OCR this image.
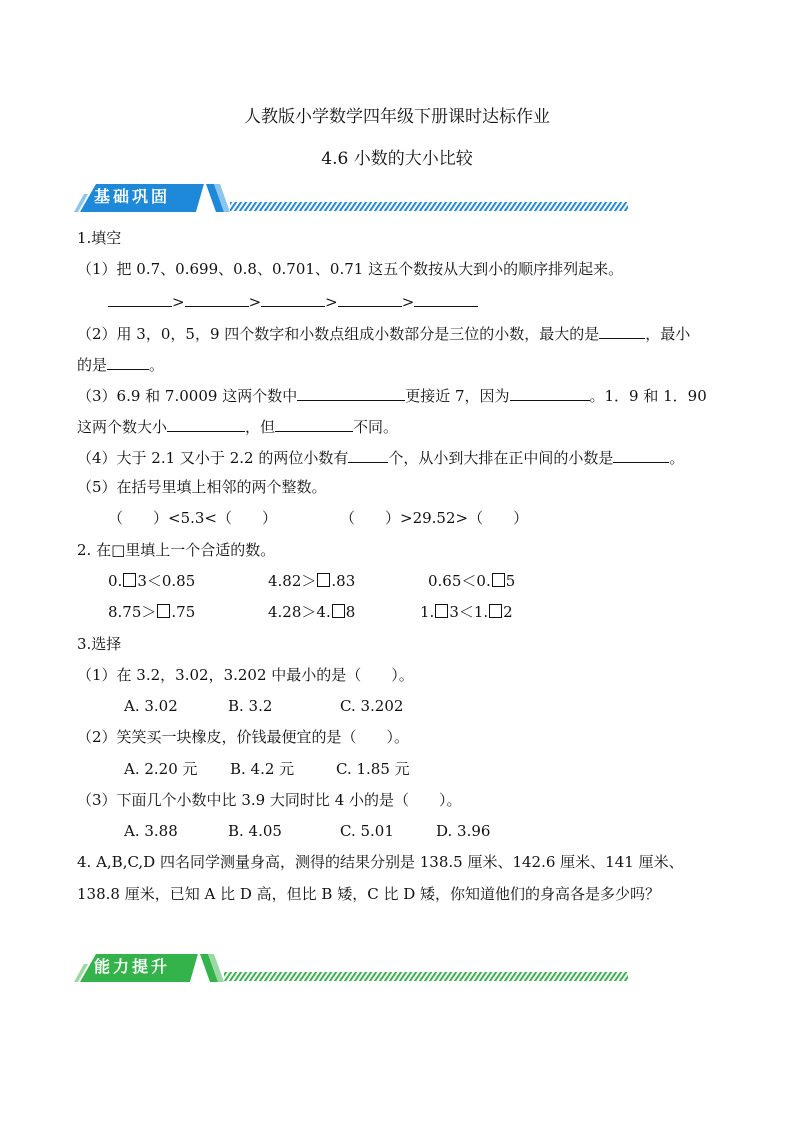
人教版小学数学四年级下册课时达标作业
4.6 小数的大小比较
基础巩固
1.填空
（1）把 0.7、0.699、0.8、0.701、0.71 这五个数按从大到小的顺序排列起来。
>	>	>	>
（2）用 3，0，5，9 四个数字和小数点组成小数部分是三位的小数，最大的是	，最小
的是	。
（3）6.9 和 7.0009 这两个数中	更接近 7，因为	。1．9 和 1．90
这两个数大小	，但	不同。
（4）大于 2.1 又小于 2.2 的两位小数有	个，从小到大排在正中间的小数是	。
（5）在括号里填上相邻的两个整数。
（　　）<5.3<（　　）	（　　）>29.52>（　　）
2. 在□里填上一个合适的数。
0. 3＜0.85	4.82＞ .83	0.65＜0. 5
8.75＞ .75	4.28＞4. 8	1. 3＜1. 2
3.选择
（1）在 3.2，3.02，3.202 中最小的是（　　）。
A. 3.02	B. 3.2	C. 3.202
（2）笑笑买一块橡皮，价钱最便宜的是（　　）。
A. 2.20 元 B. 4.2 元	C. 1.85 元
（3）下面几个小数中比 3.9 大同时比 4 小的是（　　）。
A. 3.88	B. 4.05	C. 5.01	D. 3.96
4. A,B,C,D 四名同学测量身高，测得的结果分别是 138.5 厘米、142.6 厘米、141 厘米、
138.8 厘米，已知 A 比 D 高，但比 B 矮，C 比 D 矮，你知道他们的身高各是多少吗？
能力提升
